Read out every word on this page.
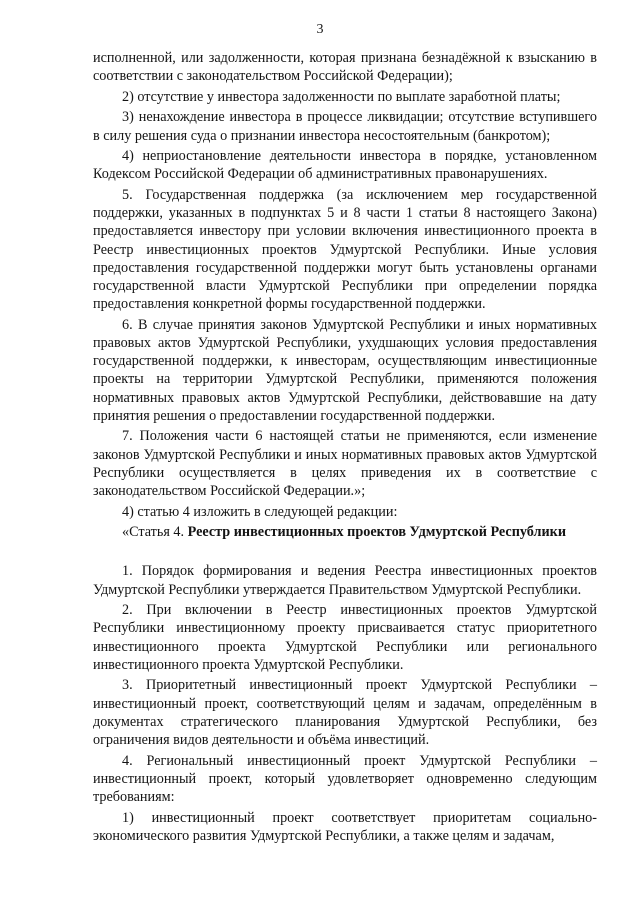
3

исполненной, или задолженности, которая признана безнадёжной к взысканию в соответствии с законодательством Российской Федерации);

2) отсутствие у инвестора задолженности по выплате заработной платы;

3) ненахождение инвестора в процессе ликвидации; отсутствие вступившего в силу решения суда о признании инвестора несостоятельным (банкротом);

4) неприостановление деятельности инвестора в порядке, установленном Кодексом Российской Федерации об административных правонарушениях.

5. Государственная поддержка (за исключением мер государственной поддержки, указанных в подпунктах 5 и 8 части 1 статьи 8 настоящего Закона) предоставляется инвестору при условии включения инвестиционного проекта в Реестр инвестиционных проектов Удмуртской Республики. Иные условия предоставления государственной поддержки могут быть установлены органами государственной власти Удмуртской Республики при определении порядка предоставления конкретной формы государственной поддержки.

6. В случае принятия законов Удмуртской Республики и иных нормативных правовых актов Удмуртской Республики, ухудшающих условия предоставления государственной поддержки, к инвесторам, осуществляющим инвестиционные проекты на территории Удмуртской Республики, применяются положения нормативных правовых актов Удмуртской Республики, действовавшие на дату принятия решения о предоставлении государственной поддержки.

7. Положения части 6 настоящей статьи не применяются, если изменение законов Удмуртской Республики и иных нормативных правовых актов Удмуртской Республики осуществляется в целях приведения их в соответствие с законодательством Российской Федерации.»;

4) статью 4 изложить в следующей редакции:

«Статья 4. Реестр инвестиционных проектов Удмуртской Республики

1. Порядок формирования и ведения Реестра инвестиционных проектов Удмуртской Республики утверждается Правительством Удмуртской Республики.

2. При включении в Реестр инвестиционных проектов Удмуртской Республики инвестиционному проекту присваивается статус приоритетного инвестиционного проекта Удмуртской Республики или регионального инвестиционного проекта Удмуртской Республики.

3. Приоритетный инвестиционный проект Удмуртской Республики – инвестиционный проект, соответствующий целям и задачам, определённым в документах стратегического планирования Удмуртской Республики, без ограничения видов деятельности и объёма инвестиций.

4. Региональный инвестиционный проект Удмуртской Республики – инвестиционный проект, который удовлетворяет одновременно следующим требованиям:

1) инвестиционный проект соответствует приоритетам социально-экономического развития Удмуртской Республики, а также целям и задачам,
